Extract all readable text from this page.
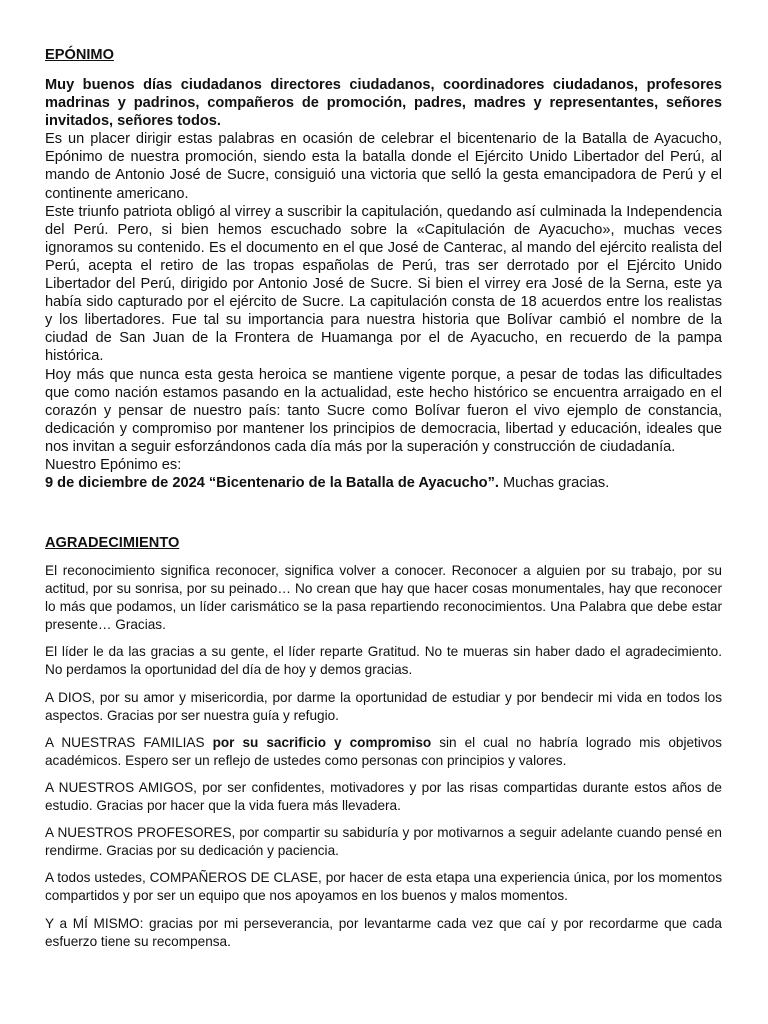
EPÓNIMO

Muy buenos días ciudadanos directores ciudadanos, coordinadores ciudadanos, profesores madrinas y padrinos, compañeros de promoción, padres, madres y representantes, señores invitados, señores todos.

Es un placer dirigir estas palabras en ocasión de celebrar el bicentenario de la Batalla de Ayacucho, Epónimo de nuestra promoción, siendo esta la batalla donde el Ejército Unido Libertador del Perú, al mando de Antonio José de Sucre, consiguió una victoria que selló la gesta emancipadora de Perú y el continente americano.

Este triunfo patriota obligó al virrey a suscribir la capitulación, quedando así culminada la Independencia del Perú. Pero, si bien hemos escuchado sobre la «Capitulación de Ayacucho», muchas veces ignoramos su contenido. Es el documento en el que José de Canterac, al mando del ejército realista del Perú, acepta el retiro de las tropas españolas de Perú, tras ser derrotado por el Ejército Unido Libertador del Perú, dirigido por Antonio José de Sucre. Si bien el virrey era José de la Serna, este ya había sido capturado por el ejército de Sucre. La capitulación consta de 18 acuerdos entre los realistas y los libertadores. Fue tal su importancia para nuestra historia que Bolívar cambió el nombre de la ciudad de San Juan de la Frontera de Huamanga por el de Ayacucho, en recuerdo de la pampa histórica.

Hoy más que nunca esta gesta heroica se mantiene vigente porque, a pesar de todas las dificultades que como nación estamos pasando en la actualidad, este hecho histórico se encuentra arraigado en el corazón y pensar de nuestro país: tanto Sucre como Bolívar fueron el vivo ejemplo de constancia, dedicación y compromiso por mantener los principios de democracia, libertad y educación, ideales que nos invitan a seguir esforzándonos cada día más por la superación y construcción de ciudadanía.

Nuestro Epónimo es:

9 de diciembre de 2024 “Bicentenario de la Batalla de Ayacucho”. Muchas gracias.

AGRADECIMIENTO

El reconocimiento significa reconocer, significa volver a conocer. Reconocer a alguien por su trabajo, por su actitud, por su sonrisa, por su peinado… No crean que hay que hacer cosas monumentales, hay que reconocer lo más que podamos, un líder carismático se la pasa repartiendo reconocimientos. Una Palabra que debe estar presente… Gracias.

El líder le da las gracias a su gente, el líder reparte Gratitud. No te mueras sin haber dado el agradecimiento. No perdamos la oportunidad del día de hoy y demos gracias.

A DIOS, por su amor y misericordia, por darme la oportunidad de estudiar y por bendecir mi vida en todos los aspectos. Gracias por ser nuestra guía y refugio.

A NUESTRAS FAMILIAS por su sacrificio y compromiso sin el cual no habría logrado mis objetivos académicos. Espero ser un reflejo de ustedes como personas con principios y valores.

A NUESTROS AMIGOS, por ser confidentes, motivadores y por las risas compartidas durante estos años de estudio. Gracias por hacer que la vida fuera más llevadera.

A NUESTROS PROFESORES, por compartir su sabiduría y por motivarnos a seguir adelante cuando pensé en rendirme. Gracias por su dedicación y paciencia.

A todos ustedes, COMPAÑEROS DE CLASE, por hacer de esta etapa una experiencia única, por los momentos compartidos y por ser un equipo que nos apoyamos en los buenos y malos momentos.

Y a MÍ MISMO: gracias por mi perseverancia, por levantarme cada vez que caí y por recordarme que cada esfuerzo tiene su recompensa.
